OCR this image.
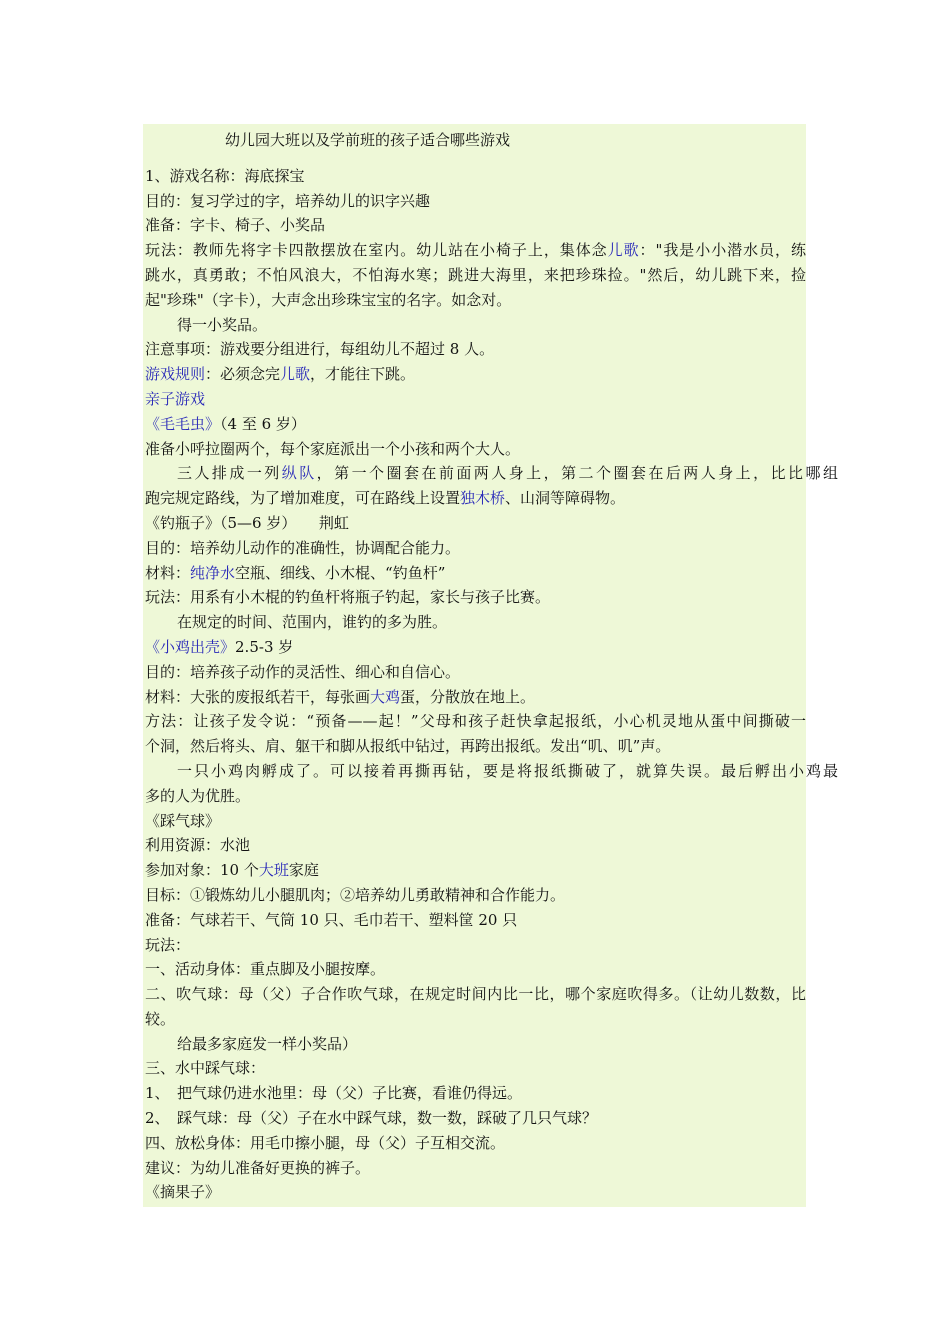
幼儿园大班以及学前班的孩子适合哪些游戏
1、游戏名称：海底探宝
目的：复习学过的字，培养幼儿的识字兴趣
准备：字卡、椅子、小奖品
玩法：教师先将字卡四散摆放在室内。幼儿站在小椅子上，集体念儿歌："我是小小潜水员，练
跳水，真勇敢；不怕风浪大，不怕海水寒；跳进大海里，来把珍珠捡。"然后，幼儿跳下来，捡
起"珍珠"（字卡），大声念出珍珠宝宝的名字。如念对。
得一小奖品。
注意事项：游戏要分组进行，每组幼儿不超过 8 人。
游戏规则：必须念完儿歌，才能往下跳。
亲子游戏
《毛毛虫》（4 至 6 岁）
准备小呼拉圈两个，每个家庭派出一个小孩和两个大人。
三人排成一列纵队，第一个圈套在前面两人身上，第二个圈套在后两人身上，比比哪组
跑完规定路线，为了增加难度，可在路线上设置独木桥、山洞等障碍物。
《钓瓶子》（5—6 岁）　　荆虹
目的：培养幼儿动作的准确性，协调配合能力。
材料：纯净水空瓶、细线、小木棍、“钓鱼杆”
玩法：用系有小木棍的钓鱼杆将瓶子钓起，家长与孩子比赛。
在规定的时间、范围内，谁钓的多为胜。
《小鸡出壳》2.5-3 岁
目的：培养孩子动作的灵活性、细心和自信心。
材料：大张的废报纸若干，每张画大鸡蛋，分散放在地上。
方法：让孩子发令说：“预备——起！”父母和孩子赶快拿起报纸，小心机灵地从蛋中间撕破一
个洞，然后将头、肩、躯干和脚从报纸中钻过，再跨出报纸。发出“叽、叽”声。
一只小鸡肉孵成了。可以接着再撕再钻，要是将报纸撕破了，就算失误。最后孵出小鸡最
多的人为优胜。
《踩气球》
利用资源：水池
参加对象：10 个大班家庭
目标：①锻炼幼儿小腿肌肉；②培养幼儿勇敢精神和合作能力。
准备：气球若干、气筒 10 只、毛巾若干、塑料筐 20 只
玩法：
一、活动身体：重点脚及小腿按摩。
二、吹气球：母（父）子合作吹气球，在规定时间内比一比，哪个家庭吹得多。（让幼儿数数，比
较。
给最多家庭发一样小奖品）
三、水中踩气球：
1、　把气球仍进水池里：母（父）子比赛，看谁仍得远。
2、　踩气球：母（父）子在水中踩气球，数一数，踩破了几只气球？
四、放松身体：用毛巾擦小腿，母（父）子互相交流。
建议：为幼儿准备好更换的裤子。
《摘果子》
